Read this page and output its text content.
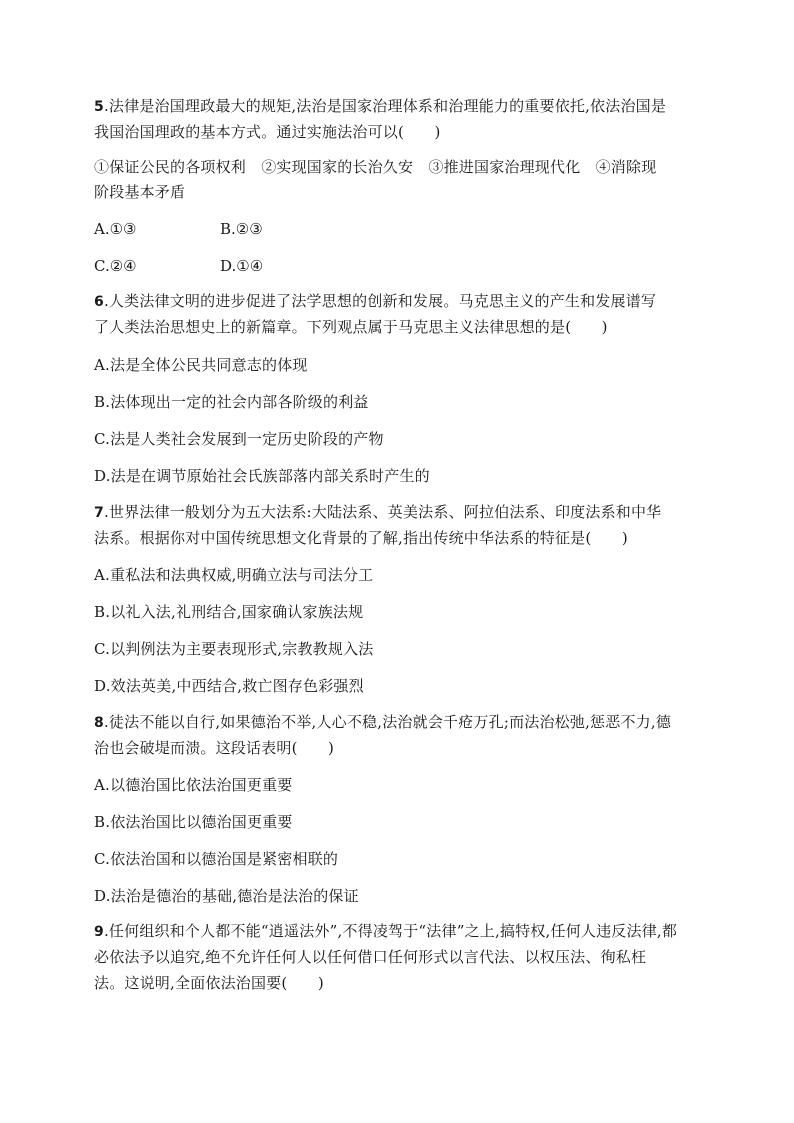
5.法律是治国理政最大的规矩,法治是国家治理体系和治理能力的重要依托,依法治国是
我国治国理政的基本方式。通过实施法治可以(　　)
①保证公民的各项权利　②实现国家的长治久安　③推进国家治理现代化　④消除现
阶段基本矛盾
A.①③	B.②③
C.②④	D.①④
6.人类法律文明的进步促进了法学思想的创新和发展。马克思主义的产生和发展谱写
了人类法治思想史上的新篇章。下列观点属于马克思主义法律思想的是(　　)
A.法是全体公民共同意志的体现
B.法体现出一定的社会内部各阶级的利益
C.法是人类社会发展到一定历史阶段的产物
D.法是在调节原始社会氏族部落内部关系时产生的
7.世界法律一般划分为五大法系:大陆法系、英美法系、阿拉伯法系、印度法系和中华
法系。根据你对中国传统思想文化背景的了解,指出传统中华法系的特征是(　　)
A.重私法和法典权威,明确立法与司法分工
B.以礼入法,礼刑结合,国家确认家族法规
C.以判例法为主要表现形式,宗教教规入法
D.效法英美,中西结合,救亡图存色彩强烈
8.徒法不能以自行,如果德治不举,人心不稳,法治就会千疮万孔;而法治松弛,惩恶不力,德
治也会破堤而溃。这段话表明(　　)
A.以德治国比依法治国更重要
B.依法治国比以德治国更重要
C.依法治国和以德治国是紧密相联的
D.法治是德治的基础,德治是法治的保证
9.任何组织和个人都不能“逍遥法外”,不得凌驾于“法律”之上,搞特权,任何人违反法律,都
必依法予以追究,绝不允许任何人以任何借口任何形式以言代法、以权压法、徇私枉
法。这说明,全面依法治国要(　　)
